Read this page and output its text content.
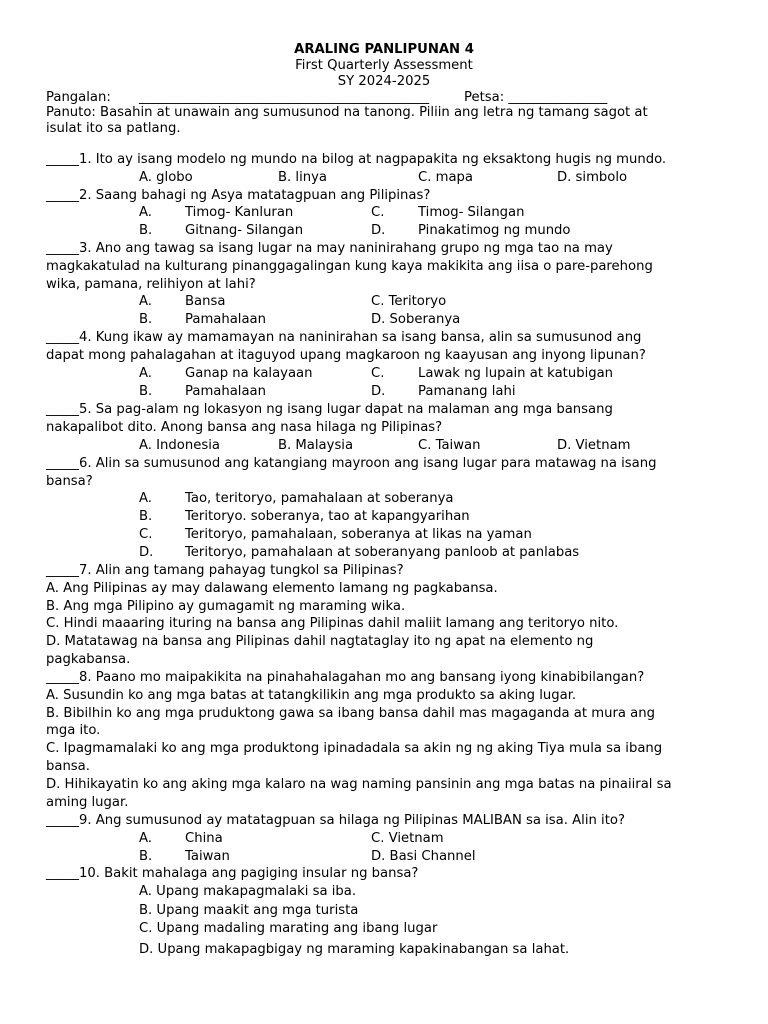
ARALING PANLIPUNAN 4
First Quarterly Assessment
SY 2024-2025
Pangalan: ____________________________________________	Petsa: _______________
Panuto: Basahin at unawain ang sumusunod na tanong. Piliin ang letra ng tamang sagot at
isulat ito sa patlang.
_____1. Ito ay isang modelo ng mundo na bilog at nagpapakita ng eksaktong hugis ng mundo.
A. globo	B. linya	C. mapa	D. simbolo
_____2. Saang bahagi ng Asya matatagpuan ang Pilipinas?
A.	Timog- Kanluran	C.	Timog- Silangan
B. Gitnang- Silangan	D. Pinakatimog ng mundo
_____3. Ano ang tawag sa isang lugar na may naninirahang grupo ng mga tao na may
magkakatulad na kulturang pinanggagalingan kung kaya makikita ang iisa o pare-parehong
wika, pamana, relihiyon at lahi?
A.	Bansa	C. Teritoryo
B. Pamahalaan	D. Soberanya
_____4. Kung ikaw ay mamamayan na naninirahan sa isang bansa, alin sa sumusunod ang
dapat mong pahalagahan at itaguyod upang magkaroon ng kaayusan ang inyong lipunan?
A.	Ganap na kalayaan	C.	Lawak ng lupain at katubigan
B. Pamahalaan	D. Pamanang lahi
_____5. Sa pag-alam ng lokasyon ng isang lugar dapat na malaman ang mga bansang
nakapalibot dito. Anong bansa ang nasa hilaga ng Pilipinas?
A. Indonesia	B. Malaysia	C. Taiwan	D. Vietnam
_____6. Alin sa sumusunod ang katangiang mayroon ang isang lugar para matawag na isang
bansa?
A.	Tao, teritoryo, pamahalaan at soberanya
B. Teritoryo. soberanya, tao at kapangyarihan
C. Teritoryo, pamahalaan, soberanya at likas na yaman
D. Teritoryo, pamahalaan at soberanyang panloob at panlabas
_____7. Alin ang tamang pahayag tungkol sa Pilipinas?
A. Ang Pilipinas ay may dalawang elemento lamang ng pagkabansa.
B. Ang mga Pilipino ay gumagamit ng maraming wika.
C. Hindi maaaring ituring na bansa ang Pilipinas dahil maliit lamang ang teritoryo nito.
D. Matatawag na bansa ang Pilipinas dahil nagtataglay ito ng apat na elemento ng
pagkabansa.
_____8. Paano mo maipakikita na pinahahalagahan mo ang bansang iyong kinabibilangan?
A. Susundin ko ang mga batas at tatangkilikin ang mga produkto sa aking lugar.
B. Bibilhin ko ang mga pruduktong gawa sa ibang bansa dahil mas magaganda at mura ang
mga ito.
C. Ipagmamalaki ko ang mga produktong ipinadadala sa akin ng ng aking Tiya mula sa ibang
bansa.
D. Hihikayatin ko ang aking mga kalaro na wag naming pansinin ang mga batas na pinaiiral sa
aming lugar.
_____9. Ang sumusunod ay matatagpuan sa hilaga ng Pilipinas MALIBAN sa isa. Alin ito?
A.	China	C. Vietnam
B. Taiwan	D. Basi Channel
_____10. Bakit mahalaga ang pagiging insular ng bansa?
A. Upang makapagmalaki sa iba.
B. Upang maakit ang mga turista
C. Upang madaling marating ang ibang lugar
D. Upang makapagbigay ng maraming kapakinabangan sa lahat.
